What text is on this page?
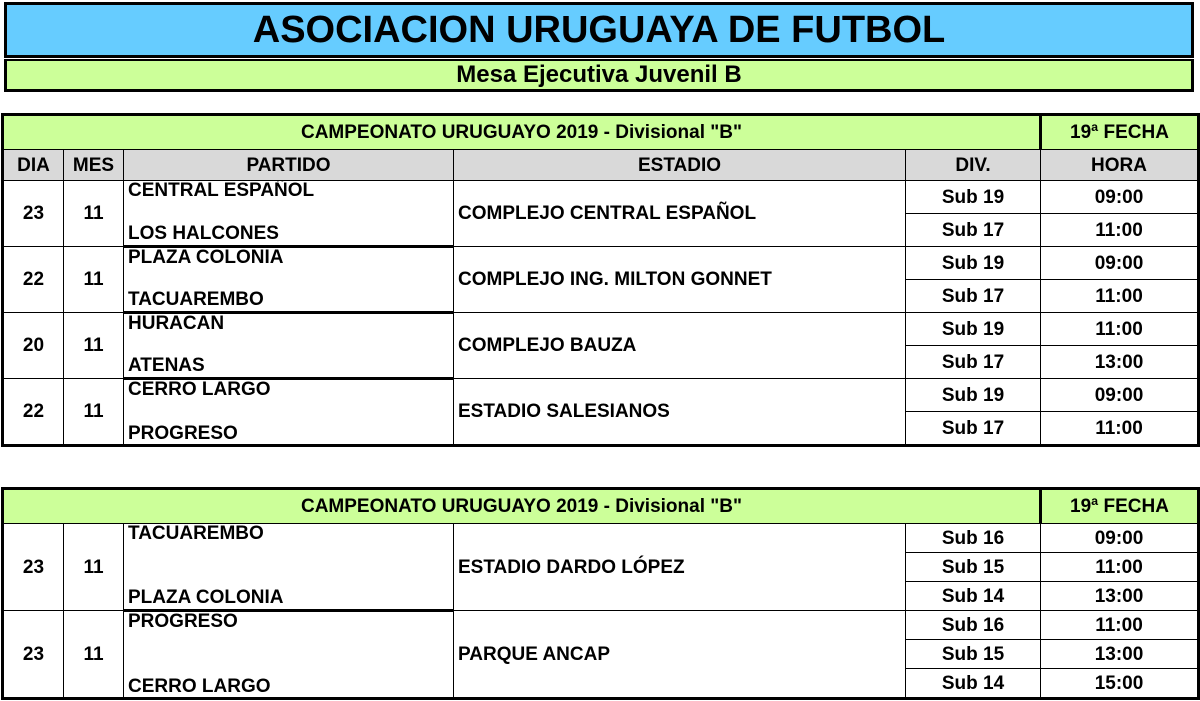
ASOCIACION URUGUAYA DE FUTBOL
Mesa Ejecutiva Juvenil B
CAMPEONATO URUGUAYO 2019 - Divisional "B"					19ª FECHA
DIA	MES	PARTIDO	ESTADIO	DIV.	HORA
23	11	CENTRAL ESPAÑOL	COMPLEJO CENTRAL ESPAÑOL	Sub 19	09:00
		LOS HALCONES		Sub 17	11:00
22	11	PLAZA COLONIA	COMPLEJO ING. MILTON GONNET	Sub 19	09:00
		TACUAREMBO		Sub 17	11:00
20	11	HURACAN	COMPLEJO BAUZA	Sub 19	11:00
		ATENAS		Sub 17	13:00
22	11	CERRO LARGO	ESTADIO SALESIANOS	Sub 19	09:00
		PROGRESO		Sub 17	11:00
CAMPEONATO URUGUAYO 2019 - Divisional "B"					19ª FECHA
23	11	TACUAREMBO	ESTADIO DARDO LÓPEZ	Sub 16	09:00
				Sub 15	11:00
		PLAZA COLONIA		Sub 14	13:00
23	11	PROGRESO	PARQUE ANCAP	Sub 16	11:00
				Sub 15	13:00
		CERRO LARGO		Sub 14	15:00
